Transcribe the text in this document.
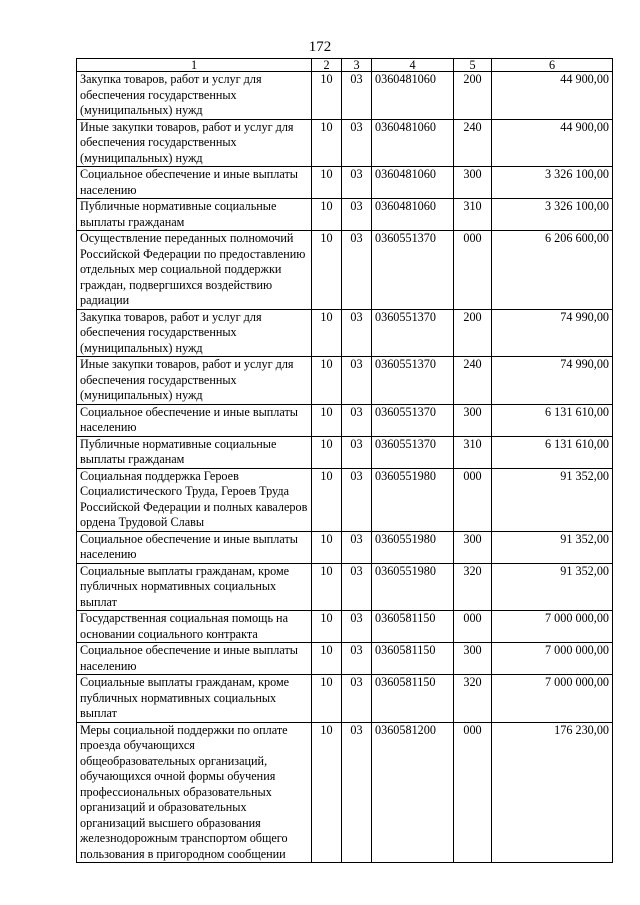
172
1	2	3	4	5	6
Закупка товаров, работ и услуг для обеспечения государственных (муниципальных) нужд	10	03	0360481060	200	44 900,00
Иные закупки товаров, работ и услуг для обеспечения государственных (муниципальных) нужд	10	03	0360481060	240	44 900,00
Социальное обеспечение и иные выплаты населению	10	03	0360481060	300	3 326 100,00
Публичные нормативные социальные выплаты гражданам	10	03	0360481060	310	3 326 100,00
Осуществление переданных полномочий Российской Федерации по предоставлению отдельных мер социальной поддержки граждан, подвергшихся воздействию радиации	10	03	0360551370	000	6 206 600,00
Закупка товаров, работ и услуг для обеспечения государственных (муниципальных) нужд	10	03	0360551370	200	74 990,00
Иные закупки товаров, работ и услуг для обеспечения государственных (муниципальных) нужд	10	03	0360551370	240	74 990,00
Социальное обеспечение и иные выплаты населению	10	03	0360551370	300	6 131 610,00
Публичные нормативные социальные выплаты гражданам	10	03	0360551370	310	6 131 610,00
Социальная поддержка Героев Социалистического Труда, Героев Труда Российской Федерации и полных кавалеров ордена Трудовой Славы	10	03	0360551980	000	91 352,00
Социальное обеспечение и иные выплаты населению	10	03	0360551980	300	91 352,00
Социальные выплаты гражданам, кроме публичных нормативных социальных выплат	10	03	0360551980	320	91 352,00
Государственная социальная помощь на основании социального контракта	10	03	0360581150	000	7 000 000,00
Социальное обеспечение и иные выплаты населению	10	03	0360581150	300	7 000 000,00
Социальные выплаты гражданам, кроме публичных нормативных социальных выплат	10	03	0360581150	320	7 000 000,00
Меры социальной поддержки по оплате проезда обучающихся общеобразовательных организаций, обучающихся очной формы обучения профессиональных образовательных организаций и образовательных организаций высшего образования железнодорожным транспортом общего пользования в пригородном сообщении	10	03	0360581200	000	176 230,00
